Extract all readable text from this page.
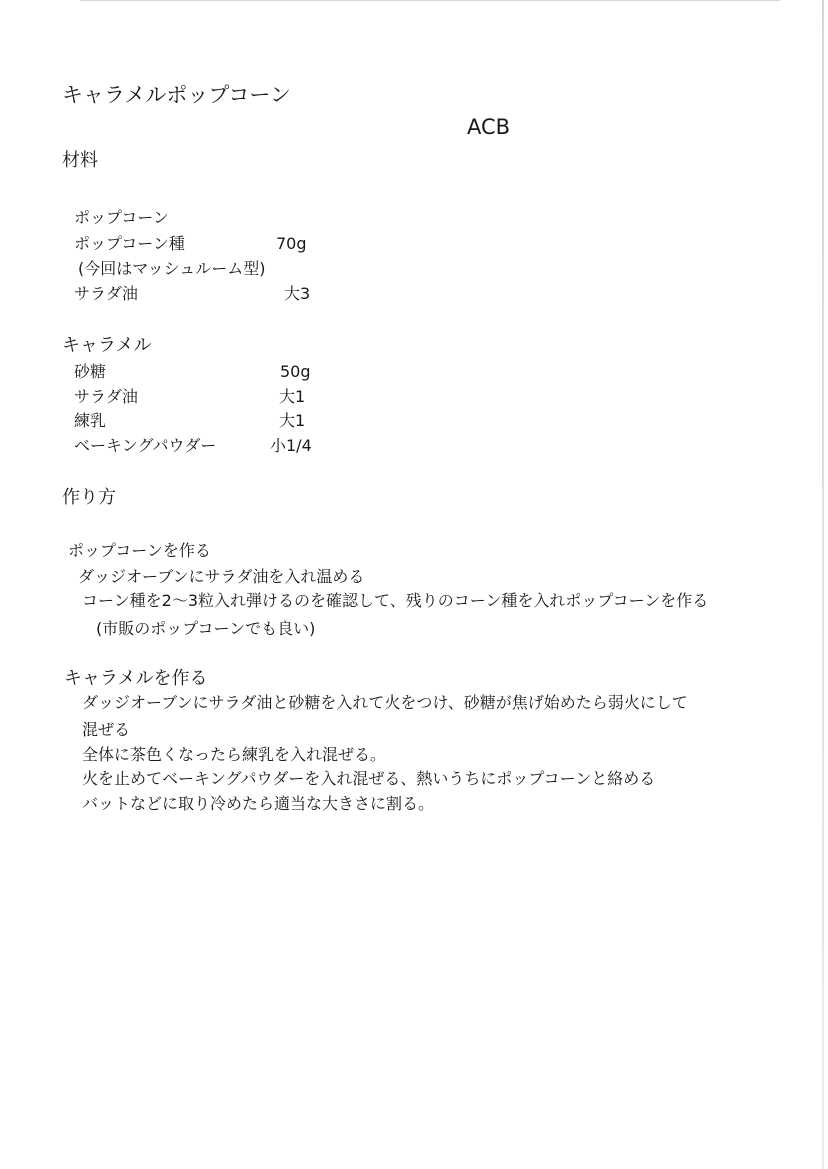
キャラメルポップコーン
ACB
材料
ポップコーン
ポップコーン種	70g
(今回はマッシュルーム型)
サラダ油	大3
キャラメル
砂糖	50g
サラダ油	大1
練乳	大1
ベーキングパウダー	小1/4
作り方
ポップコーンを作る
ダッジオーブンにサラダ油を入れ温める
コーン種を2～3粒入れ弾けるのを確認して、残りのコーン種を入れポップコーンを作る
(市販のポップコーンでも良い)
キャラメルを作る
ダッジオーブンにサラダ油と砂糖を入れて火をつけ、砂糖が焦げ始めたら弱火にして
混ぜる
全体に茶色くなったら練乳を入れ混ぜる。
火を止めてベーキングパウダーを入れ混ぜる、熱いうちにポップコーンと絡める
バットなどに取り冷めたら適当な大きさに割る。
